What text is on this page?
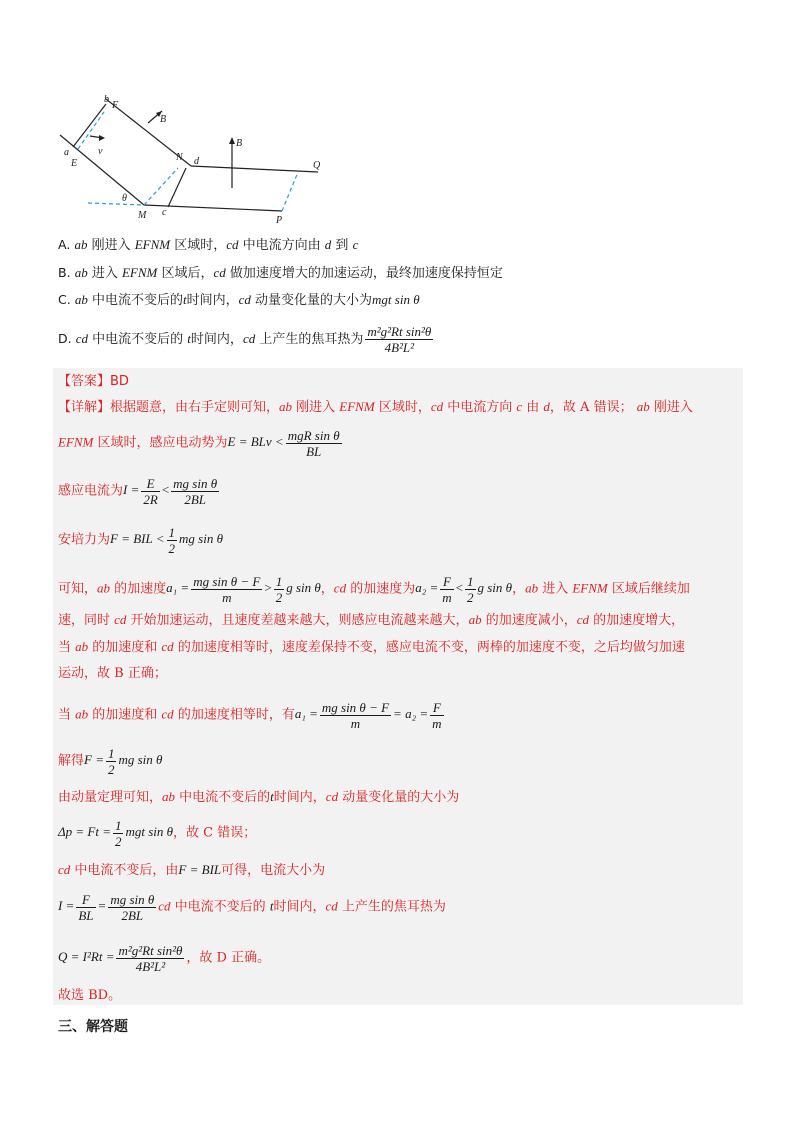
b
F
a
E
v
B
N d
B
Q
θ
M c
P
A. ab 刚进入 EFNM 区域时，cd 中电流方向由 d 到 c
B. ab 进入 EFNM 区域后，cd 做加速度增大的加速运动，最终加速度保持恒定
C. ab 中电流不变后的t时间内，cd 动量变化量的大小为mgt sin θ
D. cd 中电流不变后的 t时间内，cd 上产生的焦耳热为 $\frac{\text{m²g²Rt sin²θ}}{\text{4B²L²}}$
【答案】BD
【详解】根据题意，由右手定则可知，ab 刚进入 EFNM 区域时，cd 中电流方向 c 由 d，故 A 错误； ab 刚进入
EFNM 区域时，感应电动势为E = BLv < $\frac{\text{mgR sin θ}}{BL}$
感应电流为$I = \frac{E}{2R} < \frac{\text{mg sin θ}}{2BL}$
安培力为F = BIL < $\frac{1}{2}$ mg sin θ
可知，ab 的加速度$a_1 = \frac{\text{mg sin θ − F}}{m} > \frac{1}{2}$ g sin θ，cd 的加速度为$a_2 = \frac{F}{m} < \frac{1}{2}$ g sin θ，ab 进入 EFNM 区域后继续加
速，同时 cd 开始加速运动，且速度差越来越大，则感应电流越来越大，ab 的加速度减小，cd 的加速度增大，
当 ab 的加速度和 cd 的加速度相等时，速度差保持不变，感应电流不变，两棒的加速度不变，之后均做匀加速
运动，故 B 正确；
当 ab 的加速度和 cd 的加速度相等时，有$a_1 = \frac{\text{mg sin θ − F}}{m} = a_2 = \frac{F}{m}$
解得$F = \frac{1}{2}$ mg sin θ
由动量定理可知，ab 中电流不变后的t时间内，cd 动量变化量的大小为
$\Delta p = Ft = \frac{1}{2}$ mgt sin θ，故 C 错误；
cd 中电流不变后，由F = BIL可得，电流大小为
$I = \frac{F}{BL} = \frac{\text{mg sin θ}}{2BL}$ cd 中电流不变后的 t时间内，cd 上产生的焦耳热为
$Q = I^2Rt = \frac{\text{m²g²Rt sin²θ}}{\text{4B²L²}}$ ，故 D 正确。
故选 BD。
三、解答题
